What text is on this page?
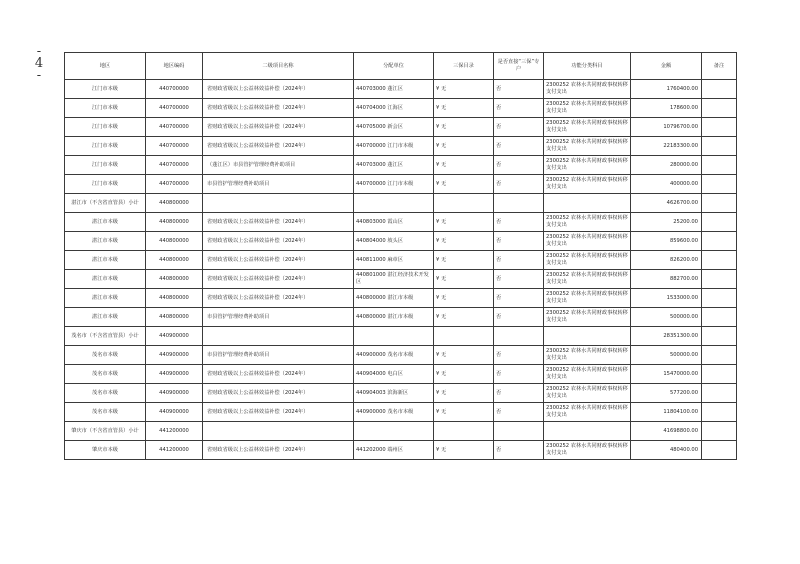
- 4 -
地区	地区编码	二级项目名称	分配单位	三保目录	是否直接“三保”专户	功能分类科目	金额	备注
江门市本级	440700000	省财政省级以上公益林效益补偿（2024年）	440703000 蓬江区	¥ 无	否	2300252 农林水共同财政事权转移支付支出	1760400.00	
江门市本级	440700000	省财政省级以上公益林效益补偿（2024年）	440704000 江海区	¥ 无	否	2300252 农林水共同财政事权转移支付支出	178600.00	
江门市本级	440700000	省财政省级以上公益林效益补偿（2024年）	440705000 新会区	¥ 无	否	2300252 农林水共同财政事权转移支付支出	10796700.00	
江门市本级	440700000	省财政省级以上公益林效益补偿（2024年）	440700000 江门市本级	¥ 无	否	2300252 农林水共同财政事权转移支付支出	22183300.00	
江门市本级	440700000	（蓬江区）市县管护管理经费补助项目	440703000 蓬江区	¥ 无	否	2300252 农林水共同财政事权转移支付支出	280000.00	
江门市本级	440700000	市县管护管理经费补助项目	440700000 江门市本级	¥ 无	否	2300252 农林水共同财政事权转移支付支出	400000.00	
湛江市（不含省直管县）小计	440800000						4626700.00	
湛江市本级	440800000	省财政省级以上公益林效益补偿（2024年）	440803000 霞山区	¥ 无	否	2300252 农林水共同财政事权转移支付支出	25200.00	
湛江市本级	440800000	省财政省级以上公益林效益补偿（2024年）	440804000 坡头区	¥ 无	否	2300252 农林水共同财政事权转移支付支出	859600.00	
湛江市本级	440800000	省财政省级以上公益林效益补偿（2024年）	440811000 麻章区	¥ 无	否	2300252 农林水共同财政事权转移支付支出	826200.00	
湛江市本级	440800000	省财政省级以上公益林效益补偿（2024年）	440801000 湛江经济技术开发区	¥ 无	否	2300252 农林水共同财政事权转移支付支出	882700.00	
湛江市本级	440800000	省财政省级以上公益林效益补偿（2024年）	440800000 湛江市本级	¥ 无	否	2300252 农林水共同财政事权转移支付支出	1533000.00	
湛江市本级	440800000	市县管护管理经费补助项目	440800000 湛江市本级	¥ 无	否	2300252 农林水共同财政事权转移支付支出	500000.00	
茂名市（不含省直管县）小计	440900000						28351300.00	
茂名市本级	440900000	市县管护管理经费补助项目	440900000 茂名市本级	¥ 无	否	2300252 农林水共同财政事权转移支付支出	500000.00	
茂名市本级	440900000	省财政省级以上公益林效益补偿（2024年）	440904000 电白区	¥ 无	否	2300252 农林水共同财政事权转移支付支出	15470000.00	
茂名市本级	440900000	省财政省级以上公益林效益补偿（2024年）	440904003 滨海新区	¥ 无	否	2300252 农林水共同财政事权转移支付支出	577200.00	
茂名市本级	440900000	省财政省级以上公益林效益补偿（2024年）	440900000 茂名市本级	¥ 无	否	2300252 农林水共同财政事权转移支付支出	11804100.00	
肇庆市（不含省直管县）小计	441200000						41698800.00	
肇庆市本级	441200000	省财政省级以上公益林效益补偿（2024年）	441202000 端州区	¥ 无	否	2300252 农林水共同财政事权转移支付支出	480400.00	
